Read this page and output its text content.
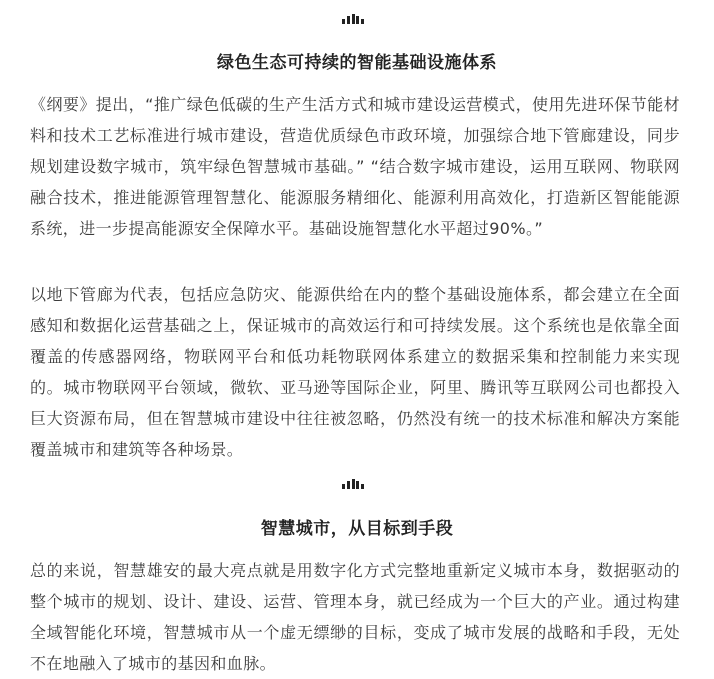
绿色生态可持续的智能基础设施体系

《纲要》提出，“推广绿色低碳的生产生活方式和城市建设运营模式，使用先进环保节能材料和技术工艺标准进行城市建设，营造优质绿色市政环境，加强综合地下管廊建设，同步规划建设数字城市，筑牢绿色智慧城市基础。” “结合数字城市建设，运用互联网、物联网融合技术，推进能源管理智慧化、能源服务精细化、能源利用高效化，打造新区智能能源系统，进一步提高能源安全保障水平。基础设施智慧化水平超过90%。”

以地下管廊为代表，包括应急防灾、能源供给在内的整个基础设施体系，都会建立在全面感知和数据化运营基础之上，保证城市的高效运行和可持续发展。这个系统也是依靠全面覆盖的传感器网络，物联网平台和低功耗物联网体系建立的数据采集和控制能力来实现的。城市物联网平台领域，微软、亚马逊等国际企业，阿里、腾讯等互联网公司也都投入巨大资源布局，但在智慧城市建设中往往被忽略，仍然没有统一的技术标准和解决方案能覆盖城市和建筑等各种场景。

智慧城市，从目标到手段

总的来说，智慧雄安的最大亮点就是用数字化方式完整地重新定义城市本身，数据驱动的整个城市的规划、设计、建设、运营、管理本身，就已经成为一个巨大的产业。通过构建全域智能化环境，智慧城市从一个虚无缥缈的目标，变成了城市发展的战略和手段，无处不在地融入了城市的基因和血脉。
